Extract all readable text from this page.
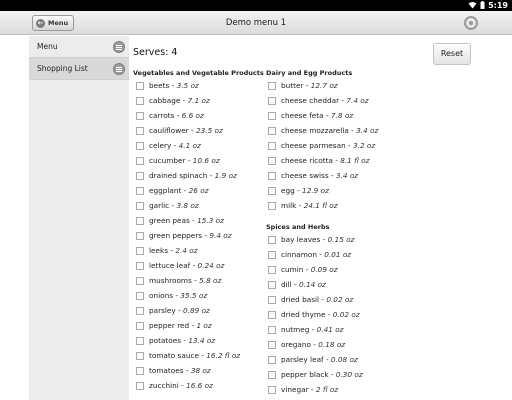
5:19
Demo menu 1
← Menu
Menu
Shopping List
Serves: 4	Reset
Vegetables and Vegetable Products
beets - 3.5 oz
cabbage - 7.1 oz
carrots - 6.6 oz
cauliflower - 23.5 oz
celery - 4.1 oz
cucumber - 10.6 oz
drained spinach - 1.9 oz
eggplant - 26 oz
garlic - 3.8 oz
green peas - 15.3 oz
green peppers - 9.4 oz
leeks - 2.4 oz
lettuce leaf - 0.24 oz
mushrooms - 5.8 oz
onions - 35.5 oz
parsley - 0.89 oz
pepper red - 1 oz
potatoes - 13.4 oz
tomato sauce - 16.2 fl oz
tomatoes - 38 oz
zucchini - 16.6 oz
Dairy and Egg Products
butter - 12.7 oz
cheese cheddar - 7.4 oz
cheese feta - 7.8 oz
cheese mozzarella - 3.4 oz
cheese parmesan - 3.2 oz
cheese ricotta - 8.1 fl oz
cheese swiss - 3.4 oz
egg - 12.9 oz
milk - 24.1 fl oz
Spices and Herbs
bay leaves - 0.15 oz
cinnamon - 0.01 oz
cumin - 0.09 oz
dill - 0.14 oz
dried basil - 0.02 oz
dried thyme - 0.02 oz
nutmeg - 0.41 oz
oregano - 0.18 oz
parsley leaf - 0.08 oz
pepper black - 0.30 oz
vinegar - 2 fl oz
